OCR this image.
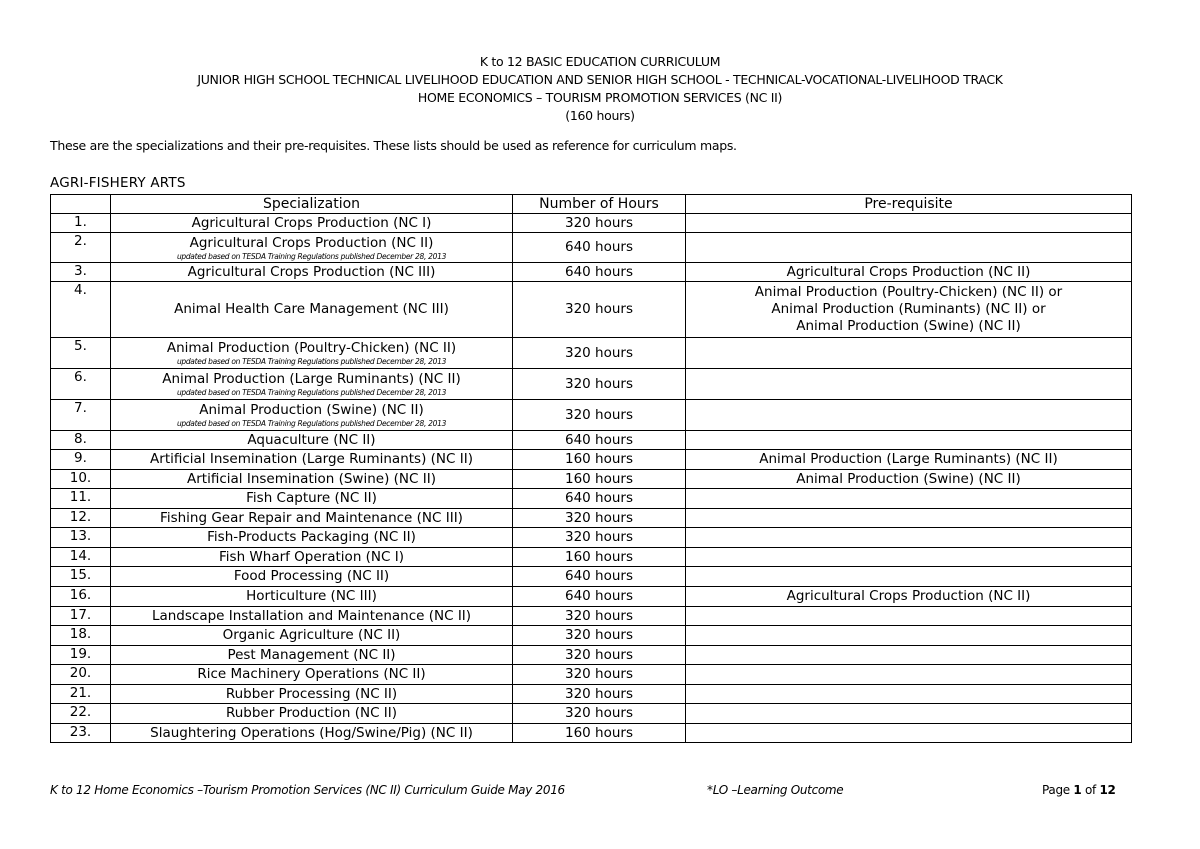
K to 12 BASIC EDUCATION CURRICULUM
JUNIOR HIGH SCHOOL TECHNICAL LIVELIHOOD EDUCATION AND SENIOR HIGH SCHOOL - TECHNICAL-VOCATIONAL-LIVELIHOOD TRACK
HOME ECONOMICS – TOURISM PROMOTION SERVICES (NC II)
(160 hours)
These are the specializations and their pre-requisites. These lists should be used as reference for curriculum maps.
AGRI-FISHERY ARTS
	Specialization	Number of Hours	Pre-requisite
1.	Agricultural Crops Production (NC I)	320 hours	
2.	Agricultural Crops Production (NC II)
updated based on TESDA Training Regulations published December 28, 2013	640 hours	
3.	Agricultural Crops Production (NC III)	640 hours	Agricultural Crops Production (NC II)
4.	Animal Health Care Management (NC III)	320 hours	Animal Production (Poultry-Chicken) (NC II) or
Animal Production (Ruminants) (NC II) or
Animal Production (Swine) (NC II)

5.	Animal Production (Poultry-Chicken) (NC II)
updated based on TESDA Training Regulations published December 28, 2013	320 hours	
6.	Animal Production (Large Ruminants) (NC II)
updated based on TESDA Training Regulations published December 28, 2013	320 hours	
7.	Animal Production (Swine) (NC II)
updated based on TESDA Training Regulations published December 28, 2013	320 hours	
8.	Aquaculture (NC II)	640 hours	
9.	Artificial Insemination (Large Ruminants) (NC II)	160 hours	Animal Production (Large Ruminants) (NC II)
10.	Artificial Insemination (Swine) (NC II)	160 hours	Animal Production (Swine) (NC II)
11.	Fish Capture (NC II)	640 hours	
12.	Fishing Gear Repair and Maintenance (NC III)	320 hours	
13.	Fish-Products Packaging (NC II)	320 hours	
14.	Fish Wharf Operation (NC I)	160 hours	
15.	Food Processing (NC II)	640 hours	
16.	Horticulture (NC III)	640 hours	Agricultural Crops Production (NC II)
17.	Landscape Installation and Maintenance (NC II)	320 hours	
18.	Organic Agriculture (NC II)	320 hours	
19.	Pest Management (NC II)	320 hours	
20.	Rice Machinery Operations (NC II)	320 hours	
21.	Rubber Processing (NC II)	320 hours	
22.	Rubber Production (NC II)	320 hours	
23.	Slaughtering Operations (Hog/Swine/Pig) (NC II)	160 hours	
K to 12 Home Economics –Tourism Promotion Services (NC II) Curriculum Guide May 2016	*LO –Learning Outcome	Page 1 of 12
